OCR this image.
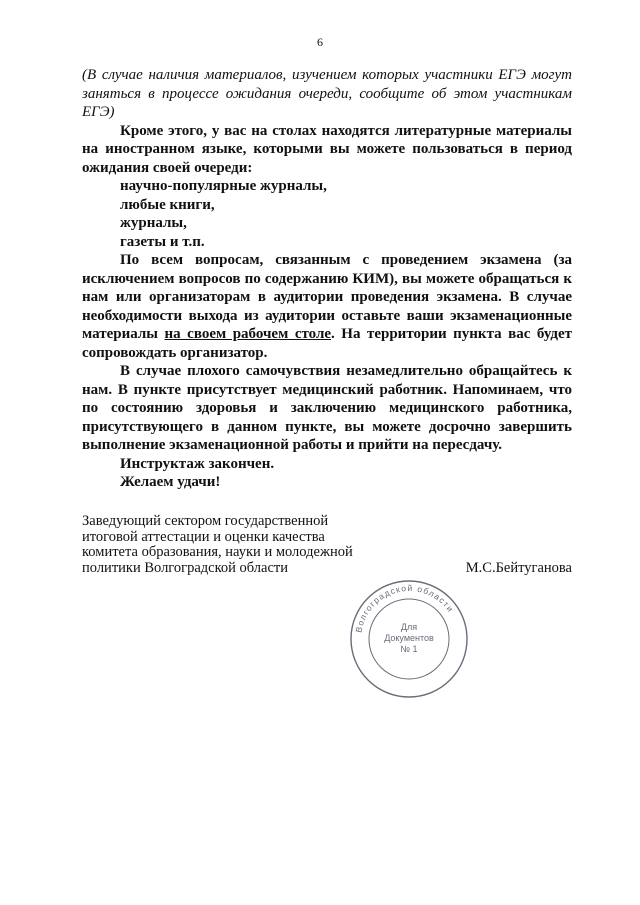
6

(В случае наличия материалов, изучением которых участники ЕГЭ могут заняться в процессе ожидания очереди, сообщите об этом участникам ЕГЭ)

Кроме этого, у вас на столах находятся литературные материалы на иностранном языке, которыми вы можете пользоваться в период ожидания своей очереди:

научно-популярные журналы,

любые книги,

журналы,

газеты и т.п.

По всем вопросам, связанным с проведением экзамена (за исключением вопросов по содержанию КИМ), вы можете обращаться к нам или организаторам в аудитории проведения экзамена. В случае необходимости выхода из аудитории оставьте ваши экзаменационные материалы на своем рабочем столе. На территории пункта вас будет сопровождать организатор.

В случае плохого самочувствия незамедлительно обращайтесь к нам. В пункте присутствует медицинский работник. Напоминаем, что по состоянию здоровья и заключению медицинского работника, присутствующего в данном пункте, вы можете досрочно завершить выполнение экзаменационной работы и прийти на пересдачу.

Инструктаж закончен.

Желаем удачи!

Заведующий сектором государственной
итоговой аттестации и оценки качества
комитета образования, науки и молодежной
политики Волгоградской области	М.С.Бейтуганова
Волгоградской области
Для
Документов
№ 1
